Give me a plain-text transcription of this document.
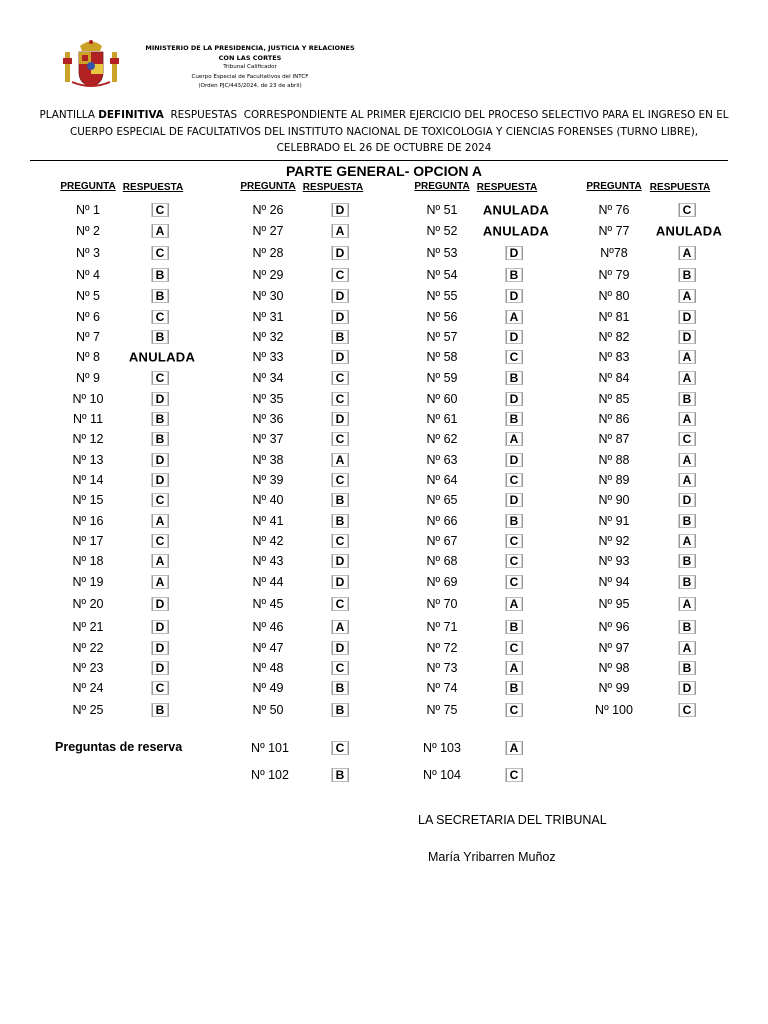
MINISTERIO DE LA PRESIDENCIA, JUSTICIA Y RELACIONES
CON LAS CORTES
Tribunal Calificador
Cuerpo Especial de Facultativos del INTCF
(Orden PJC/443/2024, de 23 de abril)
PLANTILLA DEFINITIVA  RESPUESTAS  CORRESPONDIENTE AL PRIMER EJERCICIO DEL PROCESO SELECTIVO PARA EL INGRESO EN EL
CUERPO ESPECIAL DE FACULTATIVOS DEL INSTITUTO NACIONAL DE TOXICOLOGIA Y CIENCIAS FORENSES (TURNO LIBRE),
CELEBRADO EL 26 DE OCTUBRE DE 2024
PARTE GENERAL- OPCION A
PREGUNTA RESPUESTA
Nº 1	C
Nº 2	A
Nº 3	C
Nº 4	B
Nº 5	B
Nº 6	C
Nº 7	B
Nº 8 ANULADA
Nº 9	C
Nº 10	D
Nº 11	B
Nº 12	B
Nº 13	D
Nº 14	D
Nº 15	C
Nº 16	A
Nº 17	C
Nº 18	A
Nº 19	A
Nº 20	D
Nº 21	D
Nº 22	D
Nº 23	D
Nº 24	C
Nº 25	B
PREGUNTA RESPUESTA
Nº 26	D
Nº 27	A
Nº 28	D
Nº 29	C
Nº 30	D
Nº 31	D
Nº 32	B
Nº 33	D
Nº 34	C
Nº 35	C
Nº 36	D
Nº 37	C
Nº 38	A
Nº 39	C
Nº 40	B
Nº 41	B
Nº 42	C
Nº 43	D
Nº 44	D
Nº 45	C
Nº 46	A
Nº 47	D
Nº 48	C
Nº 49	B
Nº 50	B
PREGUNTA RESPUESTA
Nº 51 ANULADA
Nº 52 ANULADA
Nº 53	D
Nº 54	B
Nº 55	D
Nº 56	A
Nº 57	D
Nº 58	C
Nº 59	B
Nº 60	D
Nº 61	B
Nº 62	A
Nº 63	D
Nº 64	C
Nº 65	D
Nº 66	B
Nº 67	C
Nº 68	C
Nº 69	C
Nº 70	A
Nº 71	B
Nº 72	C
Nº 73	A
Nº 74	B
Nº 75	C
PREGUNTA RESPUESTA
Nº 76	C
Nº 77 ANULADA
Nº78	A
Nº 79	B
Nº 80	A
Nº 81	D
Nº 82	D
Nº 83	A
Nº 84	A
Nº 85	B
Nº 86	A
Nº 87	C
Nº 88	A
Nº 89	A
Nº 90	D
Nº 91	B
Nº 92	A
Nº 93	B
Nº 94	B
Nº 95	A
Nº 96	B
Nº 97	A
Nº 98	B
Nº 99	D
Nº 100	C
Preguntas de reserva	Nº 101	C	Nº 103	A
Nº 102	B	Nº 104	C
LA SECRETARIA DEL TRIBUNAL
María Yribarren Muñoz
